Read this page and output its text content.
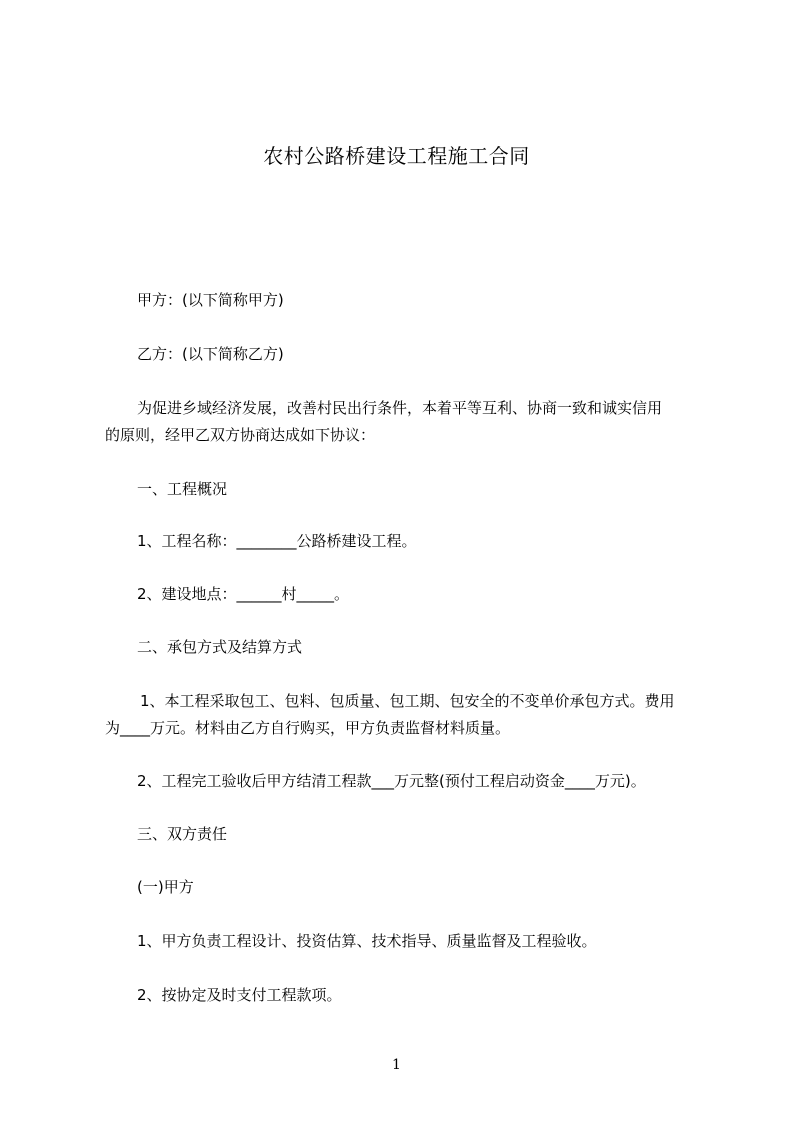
农村公路桥建设工程施工合同
甲方：(以下简称甲方)
乙方：(以下简称乙方)
为促进乡域经济发展，改善村民出行条件，本着平等互利、协商一致和诚实信用
的原则，经甲乙双方协商达成如下协议：
一、工程概况
1、工程名称：________公路桥建设工程。
2、建设地点：______村_____。
二、承包方式及结算方式
1、本工程采取包工、包料、包质量、包工期、包安全的不变单价承包方式。费用
为____万元。材料由乙方自行购买，甲方负责监督材料质量。
2、工程完工验收后甲方结清工程款___万元整(预付工程启动资金____万元)。
三、双方责任
(一)甲方
1、甲方负责工程设计、投资估算、技术指导、质量监督及工程验收。
2、按协定及时支付工程款项。
1
